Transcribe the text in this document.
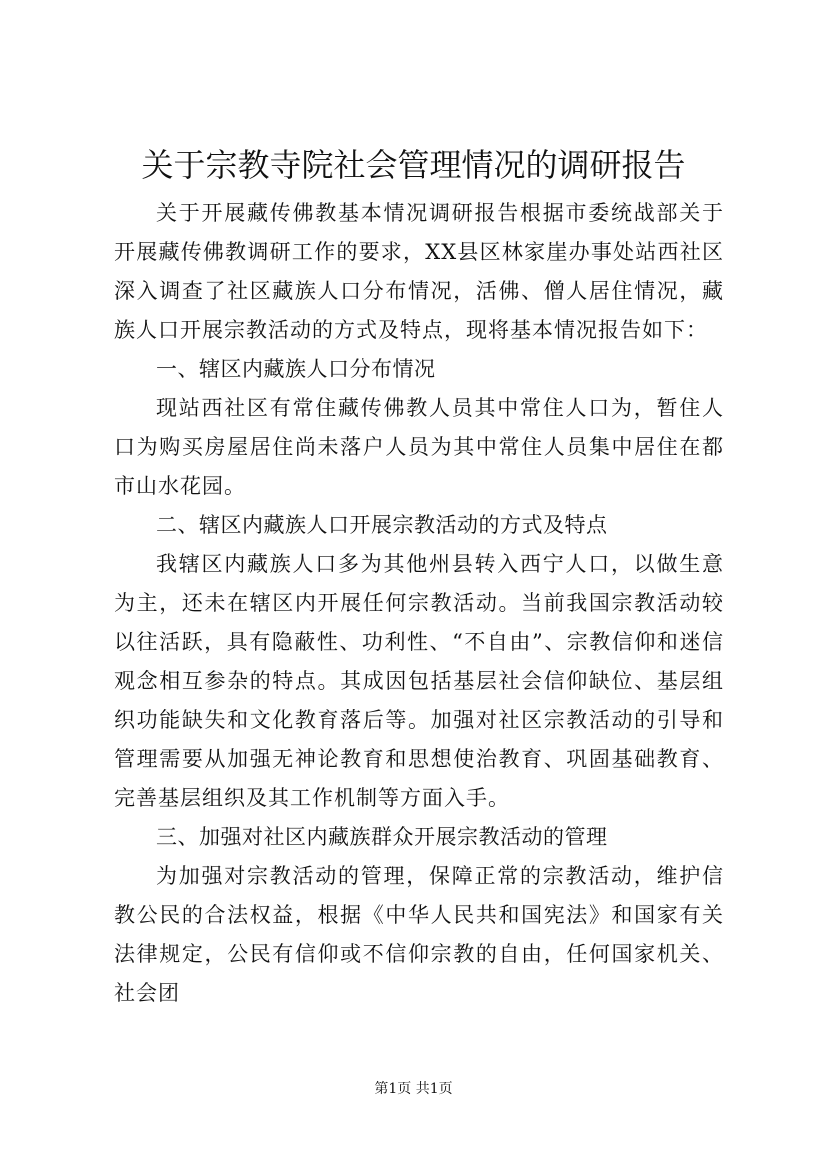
关于宗教寺院社会管理情况的调研报告

关于开展藏传佛教基本情况调研报告根据市委统战部关于开展藏传佛教调研工作的要求，XX县区林家崖办事处站西社区深入调查了社区藏族人口分布情况，活佛、僧人居住情况，藏族人口开展宗教活动的方式及特点，现将基本情况报告如下：

一、辖区内藏族人口分布情况

现站西社区有常住藏传佛教人员其中常住人口为，暂住人口为购买房屋居住尚未落户人员为其中常住人员集中居住在都市山水花园。

二、辖区内藏族人口开展宗教活动的方式及特点

我辖区内藏族人口多为其他州县转入西宁人口，以做生意为主，还未在辖区内开展任何宗教活动。当前我国宗教活动较以往活跃，具有隐蔽性、功利性、“不自由”、宗教信仰和迷信观念相互参杂的特点。其成因包括基层社会信仰缺位、基层组织功能缺失和文化教育落后等。加强对社区宗教活动的引导和管理需要从加强无神论教育和思想使治教育、巩固基础教育、完善基层组织及其工作机制等方面入手。

三、加强对社区内藏族群众开展宗教活动的管理

为加强对宗教活动的管理，保障正常的宗教活动，维护信教公民的合法权益，根据《中华人民共和国宪法》和国家有关法律规定，公民有信仰或不信仰宗教的自由，任何国家机关、社会团

第1页 共1页
